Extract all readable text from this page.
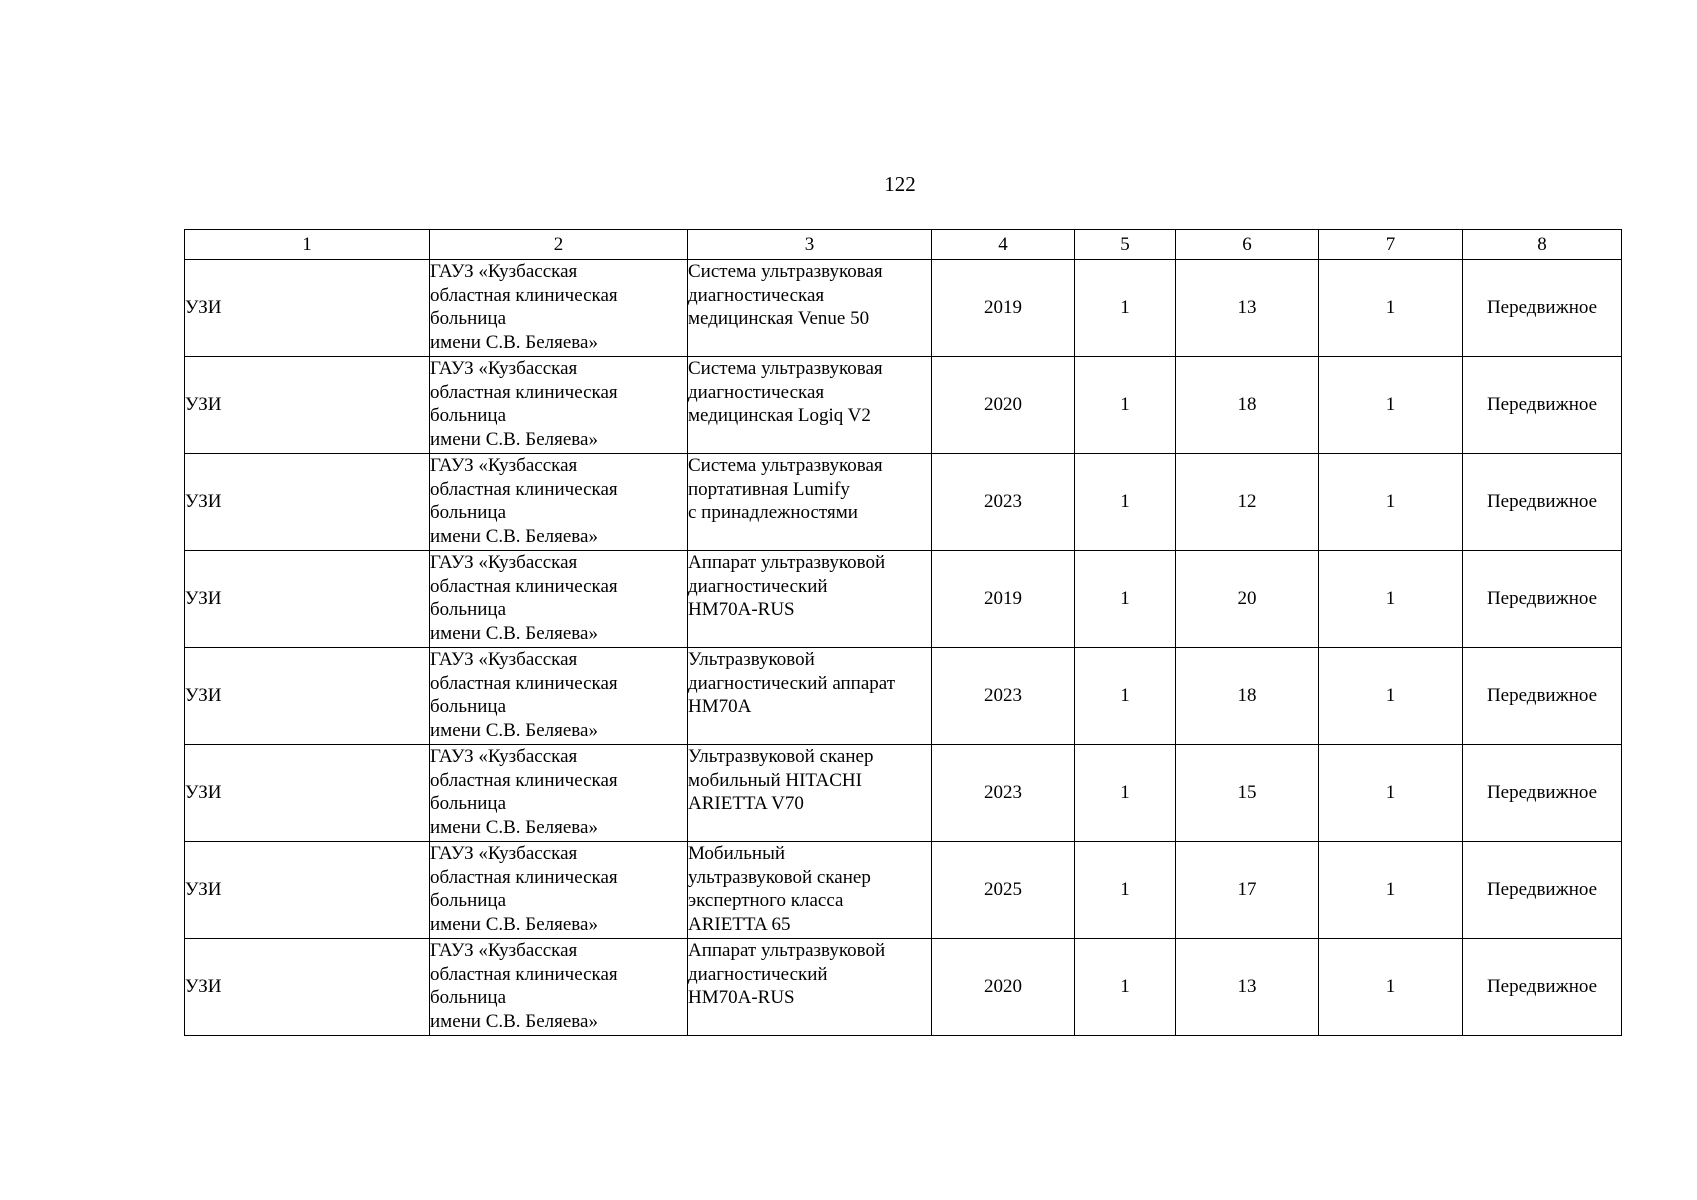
122
1	2	3	4	5	6	7	8
УЗИ	ГАУЗ «Кузбасская
областная клиническая
больница
имени С.В. Беляева»	Система ультразвуковая
диагностическая
медицинская Venue 50	2019	1	13	1	Передвижное
УЗИ	ГАУЗ «Кузбасская
областная клиническая
больница
имени С.В. Беляева»	Система ультразвуковая
диагностическая
медицинская Logiq V2	2020	1	18	1	Передвижное
УЗИ	ГАУЗ «Кузбасская
областная клиническая
больница
имени С.В. Беляева»	Система ультразвуковая
портативная Lumify
с принадлежностями	2023	1	12	1	Передвижное
УЗИ	ГАУЗ «Кузбасская
областная клиническая
больница
имени С.В. Беляева»	Аппарат ультразвуковой
диагностический
HM70A-RUS	2019	1	20	1	Передвижное
УЗИ	ГАУЗ «Кузбасская
областная клиническая
больница
имени С.В. Беляева»	Ультразвуковой
диагностический аппарат
HM70A	2023	1	18	1	Передвижное
УЗИ	ГАУЗ «Кузбасская
областная клиническая
больница
имени С.В. Беляева»	Ультразвуковой сканер
мобильный HITACHI
ARIETTA V70	2023	1	15	1	Передвижное
УЗИ	ГАУЗ «Кузбасская
областная клиническая
больница
имени С.В. Беляева»	Мобильный
ультразвуковой сканер
экспертного класса
ARIETTA 65	2025	1	17	1	Передвижное
УЗИ	ГАУЗ «Кузбасская
областная клиническая
больница
имени С.В. Беляева»	Аппарат ультразвуковой
диагностический
HM70A-RUS	2020	1	13	1	Передвижное
